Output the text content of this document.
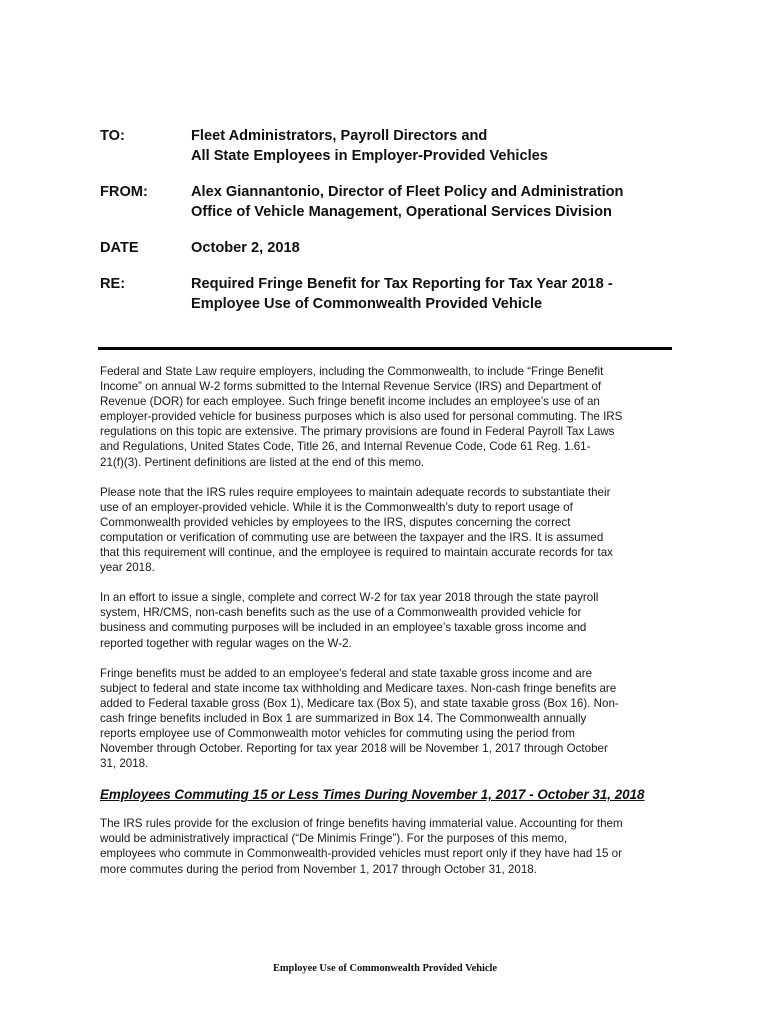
TO:	Fleet Administrators, Payroll Directors and
All State Employees in Employer-Provided Vehicles
FROM:	Alex Giannantonio, Director of Fleet Policy and Administration
Office of Vehicle Management, Operational Services Division
DATE	October 2, 2018
RE:	Required Fringe Benefit for Tax Reporting for Tax Year 2018 -
Employee Use of Commonwealth Provided Vehicle

Federal and State Law require employers, including the Commonwealth, to include “Fringe Benefit
Income” on annual W-2 forms submitted to the Internal Revenue Service (IRS) and Department of
Revenue (DOR) for each employee. Such fringe benefit income includes an employee’s use of an
employer-provided vehicle for business purposes which is also used for personal commuting. The IRS
regulations on this topic are extensive. The primary provisions are found in Federal Payroll Tax Laws
and Regulations, United States Code, Title 26, and Internal Revenue Code, Code 61 Reg. 1.61-
21(f)(3). Pertinent definitions are listed at the end of this memo.

Please note that the IRS rules require employees to maintain adequate records to substantiate their
use of an employer-provided vehicle. While it is the Commonwealth’s duty to report usage of
Commonwealth provided vehicles by employees to the IRS, disputes concerning the correct
computation or verification of commuting use are between the taxpayer and the IRS. It is assumed
that this requirement will continue, and the employee is required to maintain accurate records for tax
year 2018.

In an effort to issue a single, complete and correct W-2 for tax year 2018 through the state payroll
system, HR/CMS, non-cash benefits such as the use of a Commonwealth provided vehicle for
business and commuting purposes will be included in an employee’s taxable gross income and
reported together with regular wages on the W-2.

Fringe benefits must be added to an employee's federal and state taxable gross income and are
subject to federal and state income tax withholding and Medicare taxes. Non-cash fringe benefits are
added to Federal taxable gross (Box 1), Medicare tax (Box 5), and state taxable gross (Box 16). Non-
cash fringe benefits included in Box 1 are summarized in Box 14. The Commonwealth annually
reports employee use of Commonwealth motor vehicles for commuting using the period from
November through October. Reporting for tax year 2018 will be November 1, 2017 through October
31, 2018.

Employees Commuting 15 or Less Times During November 1, 2017 - October 31, 2018

The IRS rules provide for the exclusion of fringe benefits having immaterial value. Accounting for them
would be administratively impractical (“De Minimis Fringe”). For the purposes of this memo,
employees who commute in Commonwealth-provided vehicles must report only if they have had 15 or
more commutes during the period from November 1, 2017 through October 31, 2018.

Employee Use of Commonwealth Provided Vehicle
